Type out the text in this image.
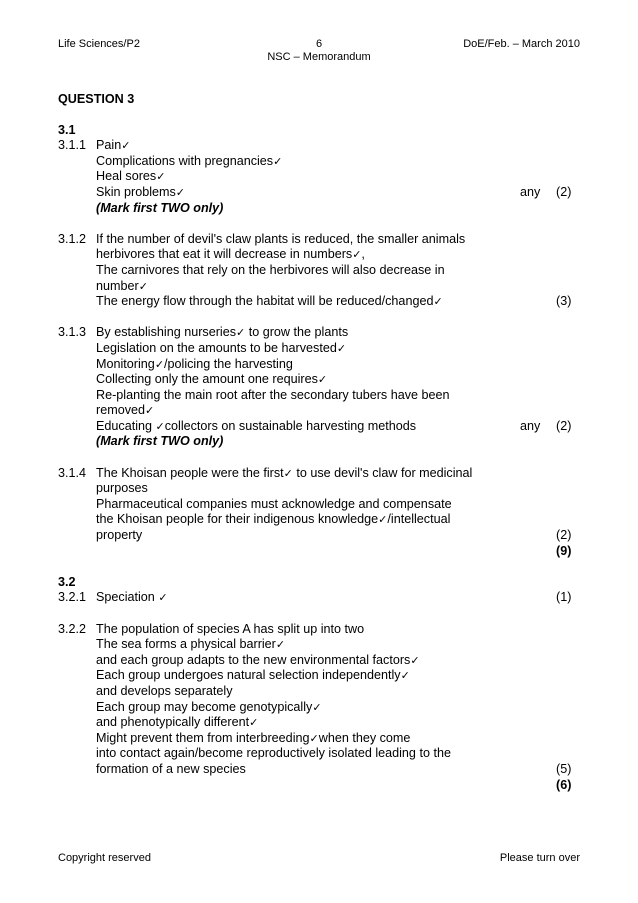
Life Sciences/P2	6
NSC – Memorandum
DoE/Feb. – March 2010
QUESTION 3
3.1
3.1.1 Pain✓
Complications with pregnancies✓
Heal sores✓
Skin problems✓	any (2)
(Mark first TWO only)
3.1.2 If the number of devil's claw plants is reduced, the smaller animals
herbivores that eat it will decrease in numbers✓,
The carnivores that rely on the herbivores will also decrease in
number✓
The energy flow through the habitat will be reduced/changed✓	(3)
3.1.3 By establishing nurseries✓ to grow the plants
Legislation on the amounts to be harvested✓
Monitoring✓/policing the harvesting
Collecting only the amount one requires✓
Re-planting the main root after the secondary tubers have been
removed✓
Educating ✓collectors on sustainable harvesting methods	any (2)
(Mark first TWO only)
3.1.4 The Khoisan people were the first✓ to use devil's claw for medicinal
purposes
Pharmaceutical companies must acknowledge and compensate
the Khoisan people for their indigenous knowledge✓/intellectual
property	(2)

(9)
3.2
3.2.1 Speciation ✓	(1)
3.2.2 The population of species A has split up into two
The sea forms a physical barrier✓
and each group adapts to the new environmental factors✓
Each group undergoes natural selection independently✓
and develops separately
Each group may become genotypically✓
and phenotypically different✓
Might prevent them from interbreeding✓when they come
into contact again/become reproductively isolated leading to the
formation of a new species	(5)

(6)
Copyright reserved	Please turn over
